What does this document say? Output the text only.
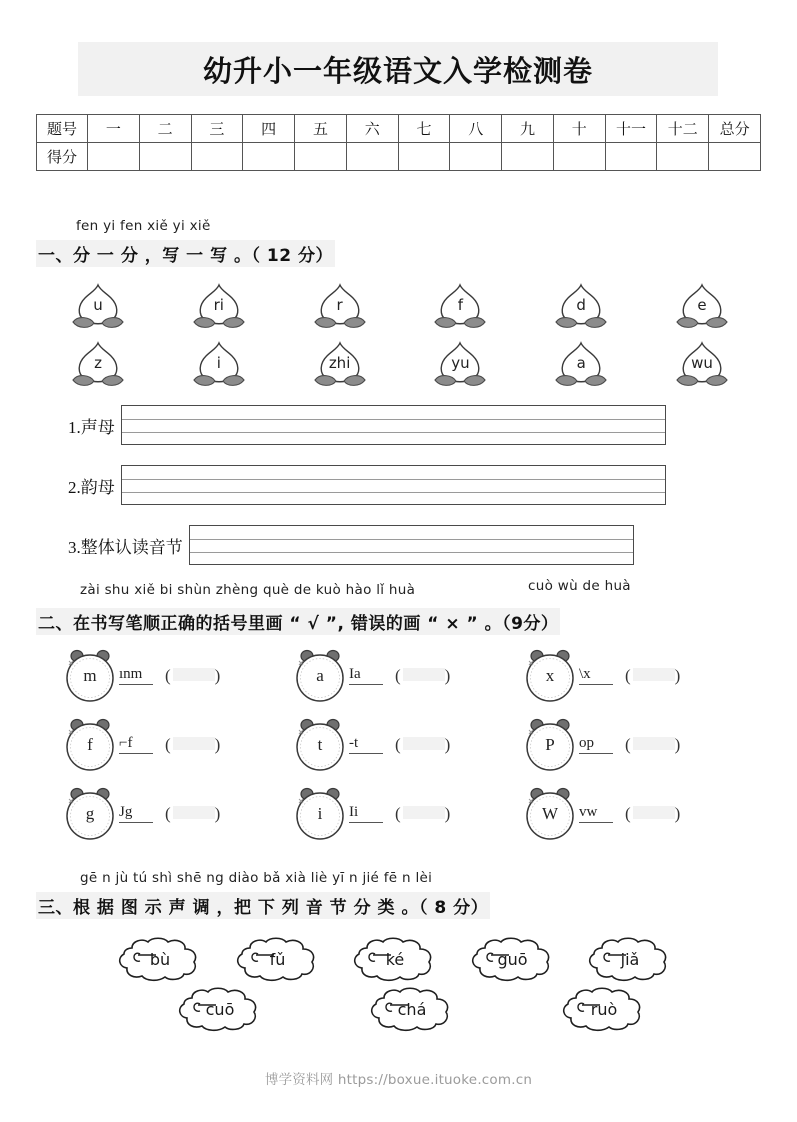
幼升小一年级语文入学检测卷
题号	一	二	三	四	五	六	七	八	九	十	十一	十二	总分
得分													
fen yi fen xiě yi xiě
一、分 一 分 ，写 一 写 。（ 12 分）
u	ri	r	f	d	e
z	i	zhi	yu	a	wu
1.声母
2.韵母
3.整体认读音节
zài shu xiě bi shùn zhèng què de kuò hào lǐ huà	cuò wù de huà
二、在书写笔顺正确的括号里画 “ √ ”, 错误的画 “ × ” 。（9分）
m	ınm ( )	a	Ia ( )	x	\x ( )
f	⌐f ( )	t	‑t ( )	P	op ( )
g	Jg ( )	i	Ii ( )	W	vw ( )
gē n jù tú shì shē ng diào bǎ xià liè yī n jié fē n lèi
三、根 据 图 示 声 调 ，把 下 列 音 节 分 类 。（ 8 分）
bù	fǔ	ké	guō	jiǎ
cuō	chá	ruò
博学资料网 https://boxue.ituoke.com.cn
